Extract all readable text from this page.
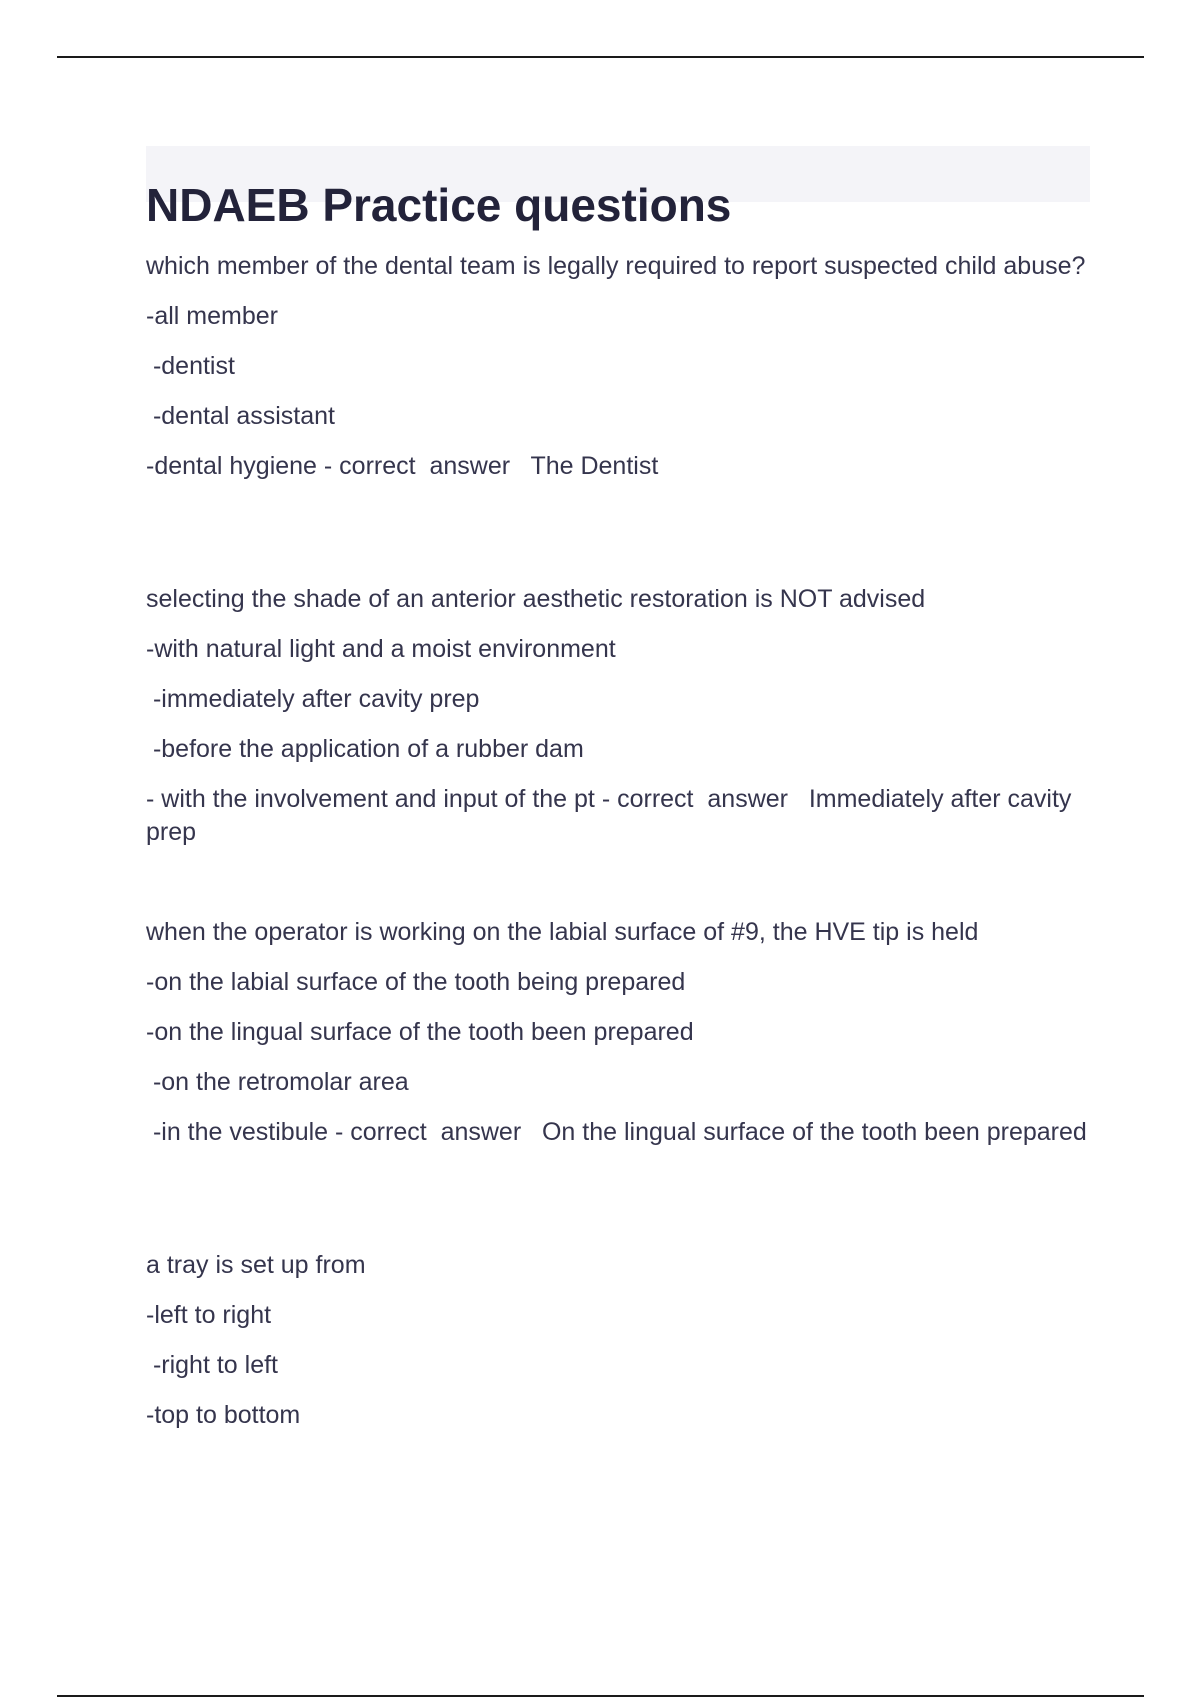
NDAEB Practice questions

which member of the dental team is legally required to report suspected child abuse?

-all member

-dentist

-dental assistant

-dental hygiene - correct  answer   The Dentist

selecting the shade of an anterior aesthetic restoration is NOT advised

-with natural light and a moist environment

-immediately after cavity prep

-before the application of a rubber dam

- with the involvement and input of the pt - correct  answer   Immediately after cavity prep

when the operator is working on the labial surface of #9, the HVE tip is held

-on the labial surface of the tooth being prepared

-on the lingual surface of the tooth been prepared

-on the retromolar area

-in the vestibule - correct  answer   On the lingual surface of the tooth been prepared

a tray is set up from

-left to right

-right to left

-top to bottom
